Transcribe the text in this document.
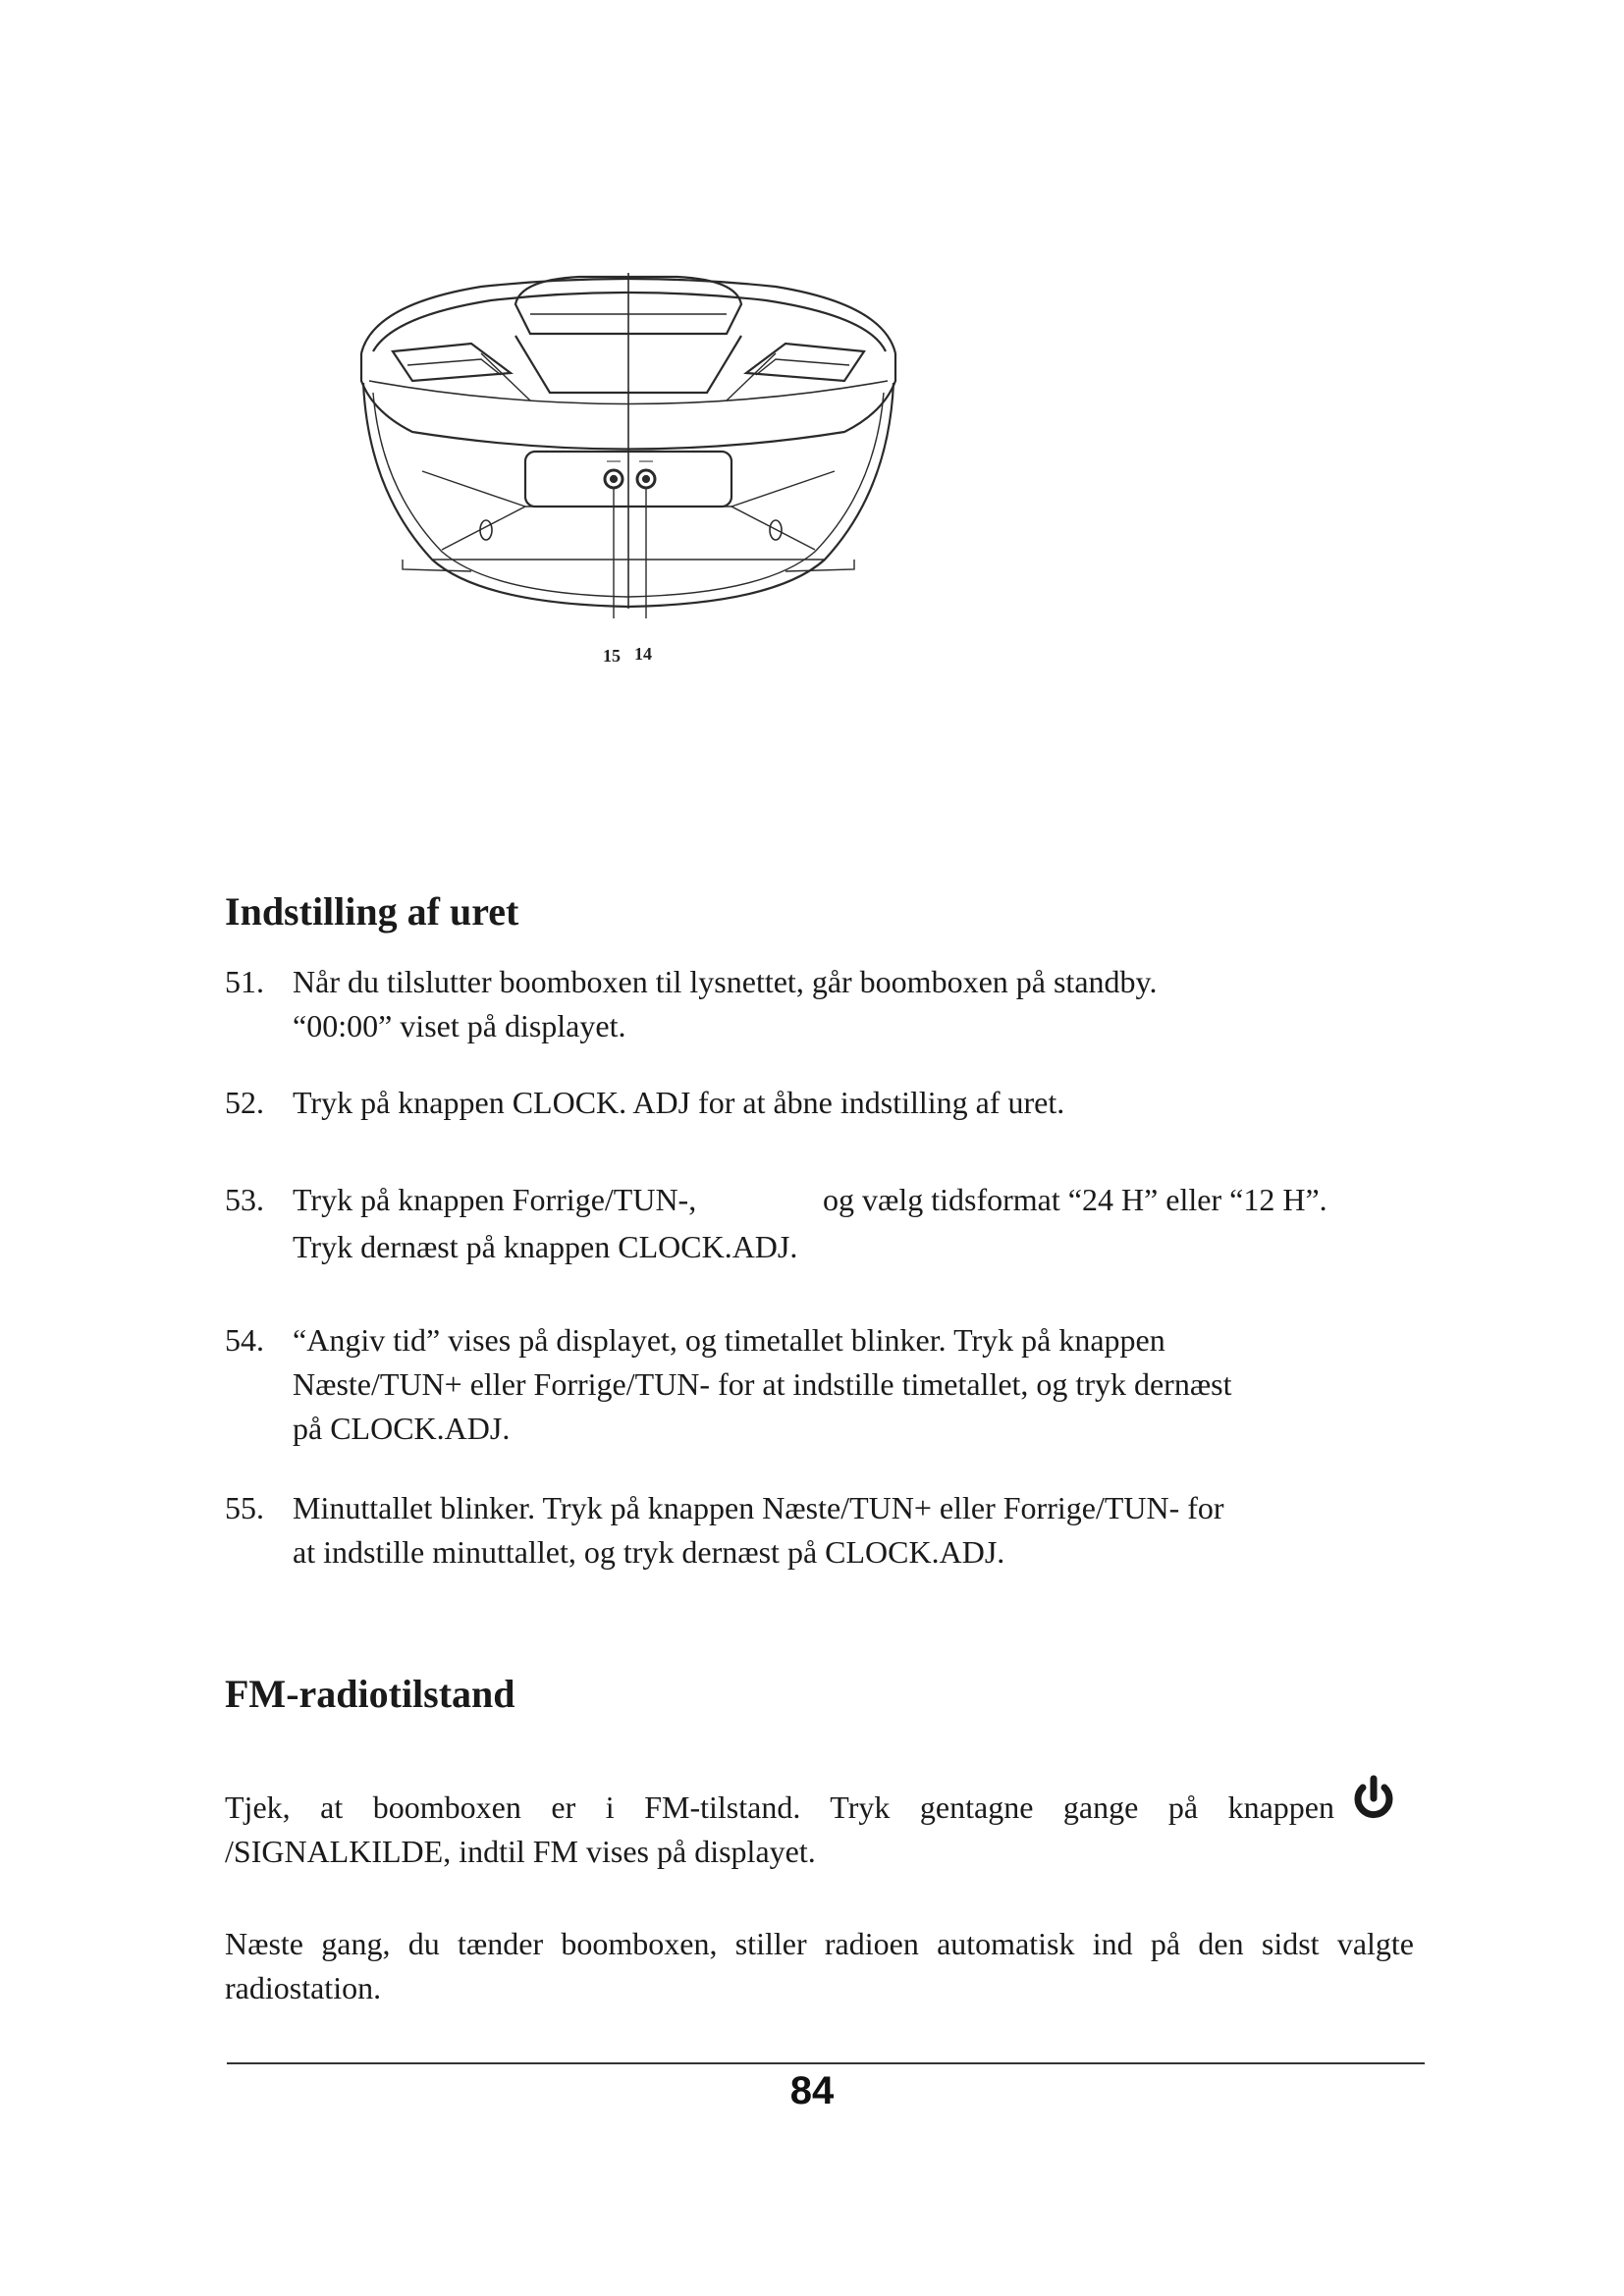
15 14
Indstilling af uret
51. Når du tilslutter boomboxen til lysnettet, går boomboxen på standby.
“00:00” viset på displayet.
52. Tryk på knappen CLOCK. ADJ for at åbne indstilling af uret.
53. Tryk på knappen Forrige/TUN-,	og vælg tidsformat “24 H” eller “12 H”.
Tryk dernæst på knappen CLOCK.ADJ.
54. “Angiv tid” vises på displayet, og timetallet blinker. Tryk på knappen
Næste/TUN+ eller Forrige/TUN- for at indstille timetallet, og tryk dernæst
på CLOCK.ADJ.
55. Minuttallet blinker. Tryk på knappen Næste/TUN+ eller Forrige/TUN- for
at indstille minuttallet, og tryk dernæst på CLOCK.ADJ.
FM-radiotilstand

Tjek, at boomboxen er i FM-tilstand. Tryk gentagne gange på knappen /SIGNALKILDE, indtil FM vises på displayet.

Næste gang, du tænder boomboxen, stiller radioen automatisk ind på den sidst valgte radiostation.

84
